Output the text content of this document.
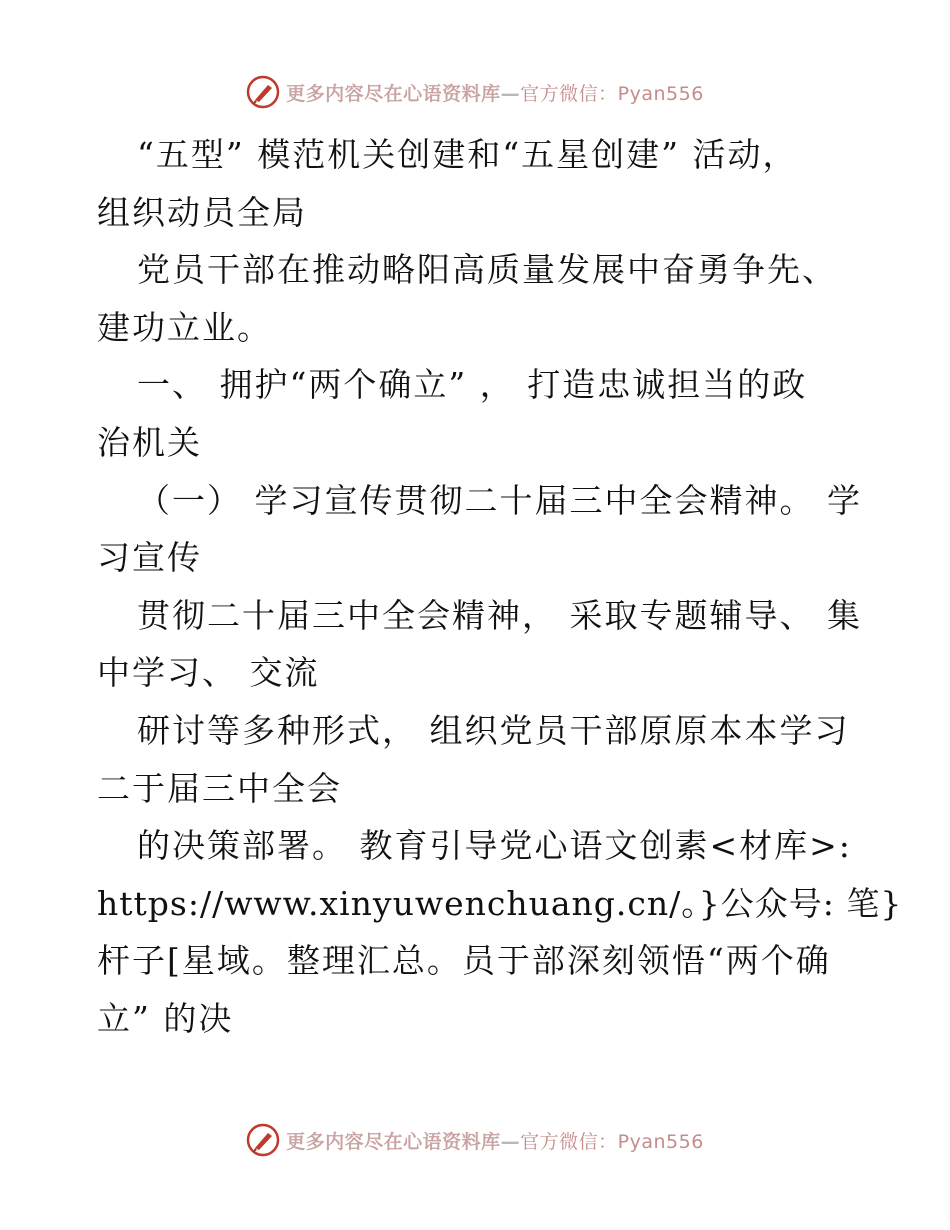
更多内容尽在心语资料库—官方微信：Pyan556
“五型” 模范机关创建和“五星创建” 活动，
组织动员全局
党员干部在推动略阳高质量发展中奋勇争先、
建功立业。
一、 拥护“两个确立” ， 打造忠诚担当的政
治机关
（一） 学习宣传贯彻二十届三中全会精神。 学
习宣传
贯彻二十届三中全会精神， 采取专题辅导、 集
中学习、 交流
研讨等多种形式， 组织党员干部原原本本学习
二于届三中全会
的决策部署。 教育引导党心语文创素<材库>:
https://www.xinyuwenchuang.cn/。}公众号: 笔}
杆子[星域。整理汇总。员于部深刻领悟“两个确
立” 的决
更多内容尽在心语资料库—官方微信：Pyan556
